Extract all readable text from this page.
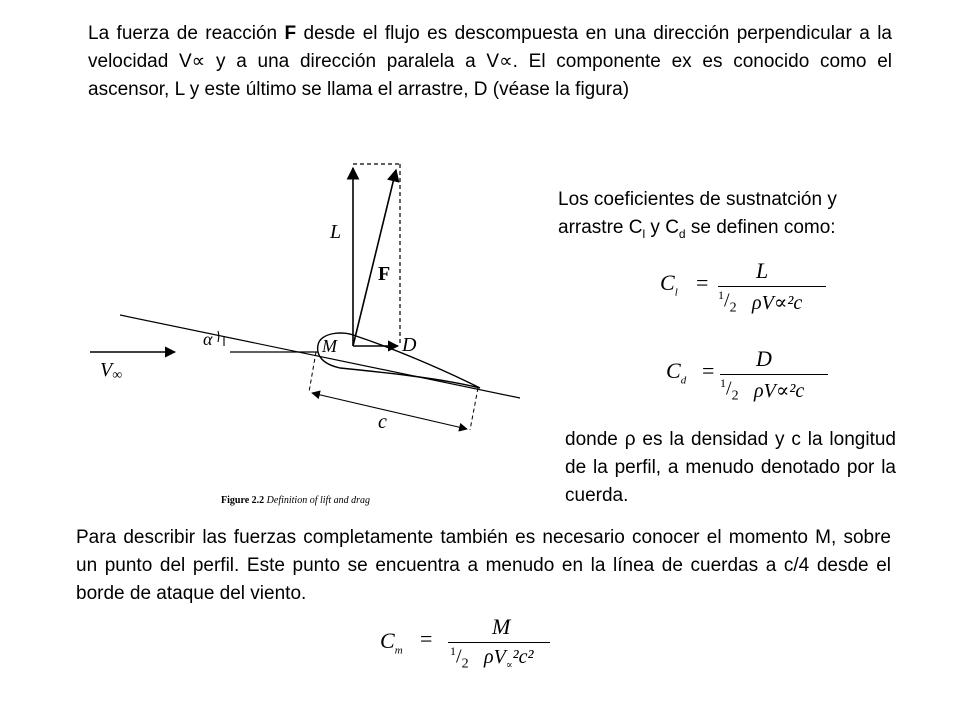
La fuerza de reacción F desde el flujo es descompuesta en una dirección perpendicular a la velocidad V∝ y a una dirección paralela a V∝. El componente ex es conocido como el ascensor, L y este último se llama el arrastre, D (véase la figura)
L
F
D
M
α
V∞
c
Figure 2.2 Definition of lift and drag
Los coeficientes de sustnatción y arrastre $C_l$ y $C_d$ se definen como:
$C_l = L$
$^1/_2$ ρV∝²c
$C_d = D$
$^1/_2$ ρV∝²c
donde ρ es la densidad y c la longitud de la perfil, a menudo denotado por la cuerda.
Para describir las fuerzas completamente también es necesario conocer el momento M, sobre un punto del perfil. Este punto se encuentra a menudo en la línea de cuerdas a c/4 desde el borde de ataque del viento.
$C_m$ =	M
$^1/_2$ $\rho V_\propto^2c^2$
